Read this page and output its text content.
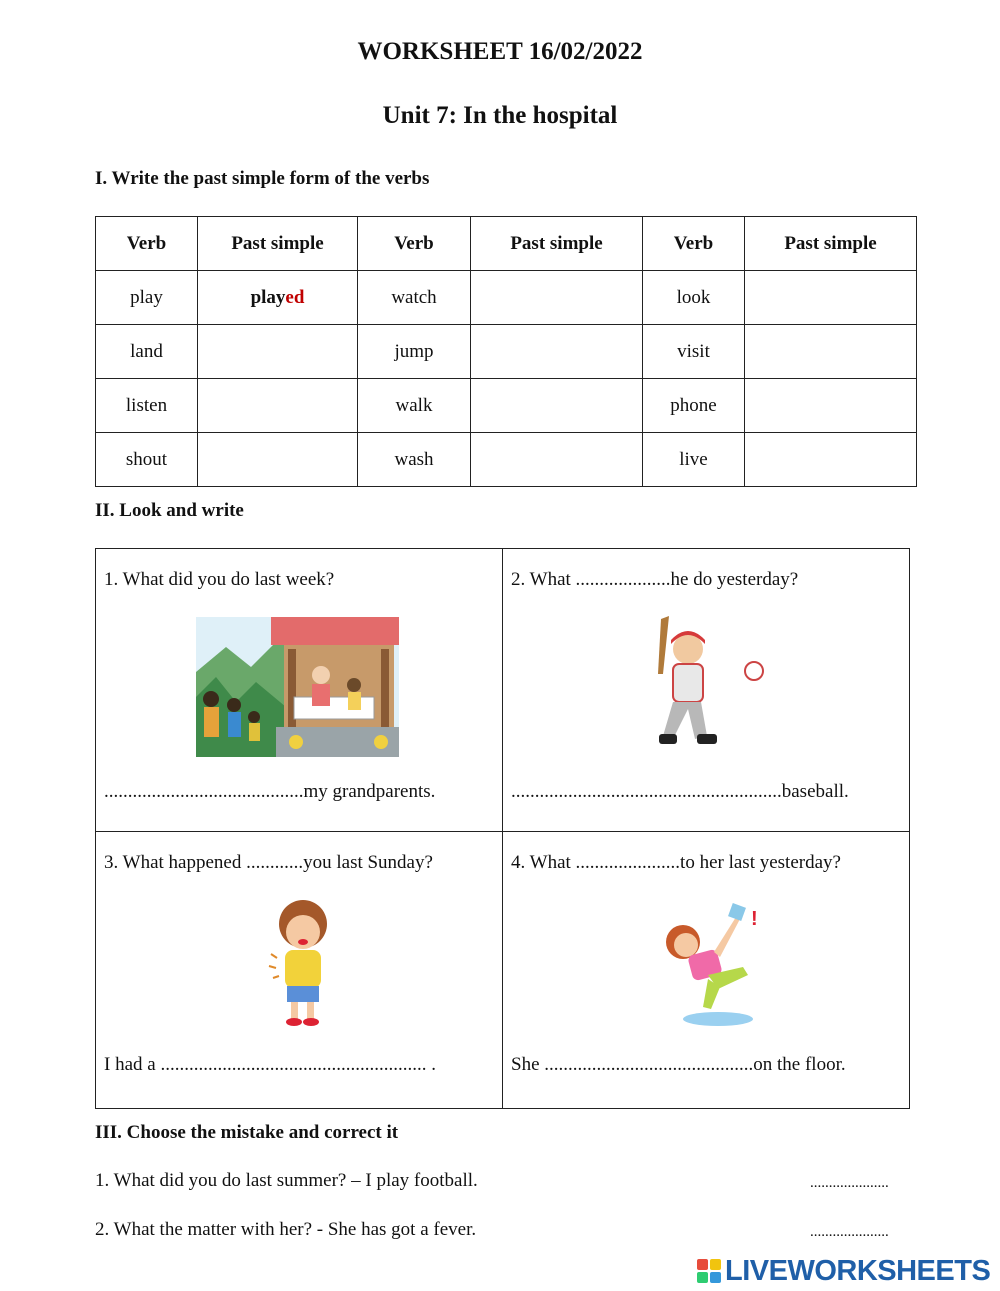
WORKSHEET 16/02/2022
Unit 7: In the hospital
I. Write the past simple form of the verbs
Verb	Past simple	Verb	Past simple	Verb	Past simple
play	played	watch		look	
land		jump		visit	
listen		walk		phone	
shout		wash		live	
II. Look and write
1. What did you do last week?
..........................................my grandparents.
2. What ....................he do yesterday?
.........................................................baseball.
3. What happened ............you last Sunday?
I had a ........................................................ .
4. What ......................to her last yesterday?
!
She ............................................on the floor.
III. Choose the mistake and correct it
1. What did you do last summer? – I play football.	.....................
2. What the matter with her? - She has got a fever.	.....................
LIVEWORKSHEETS
